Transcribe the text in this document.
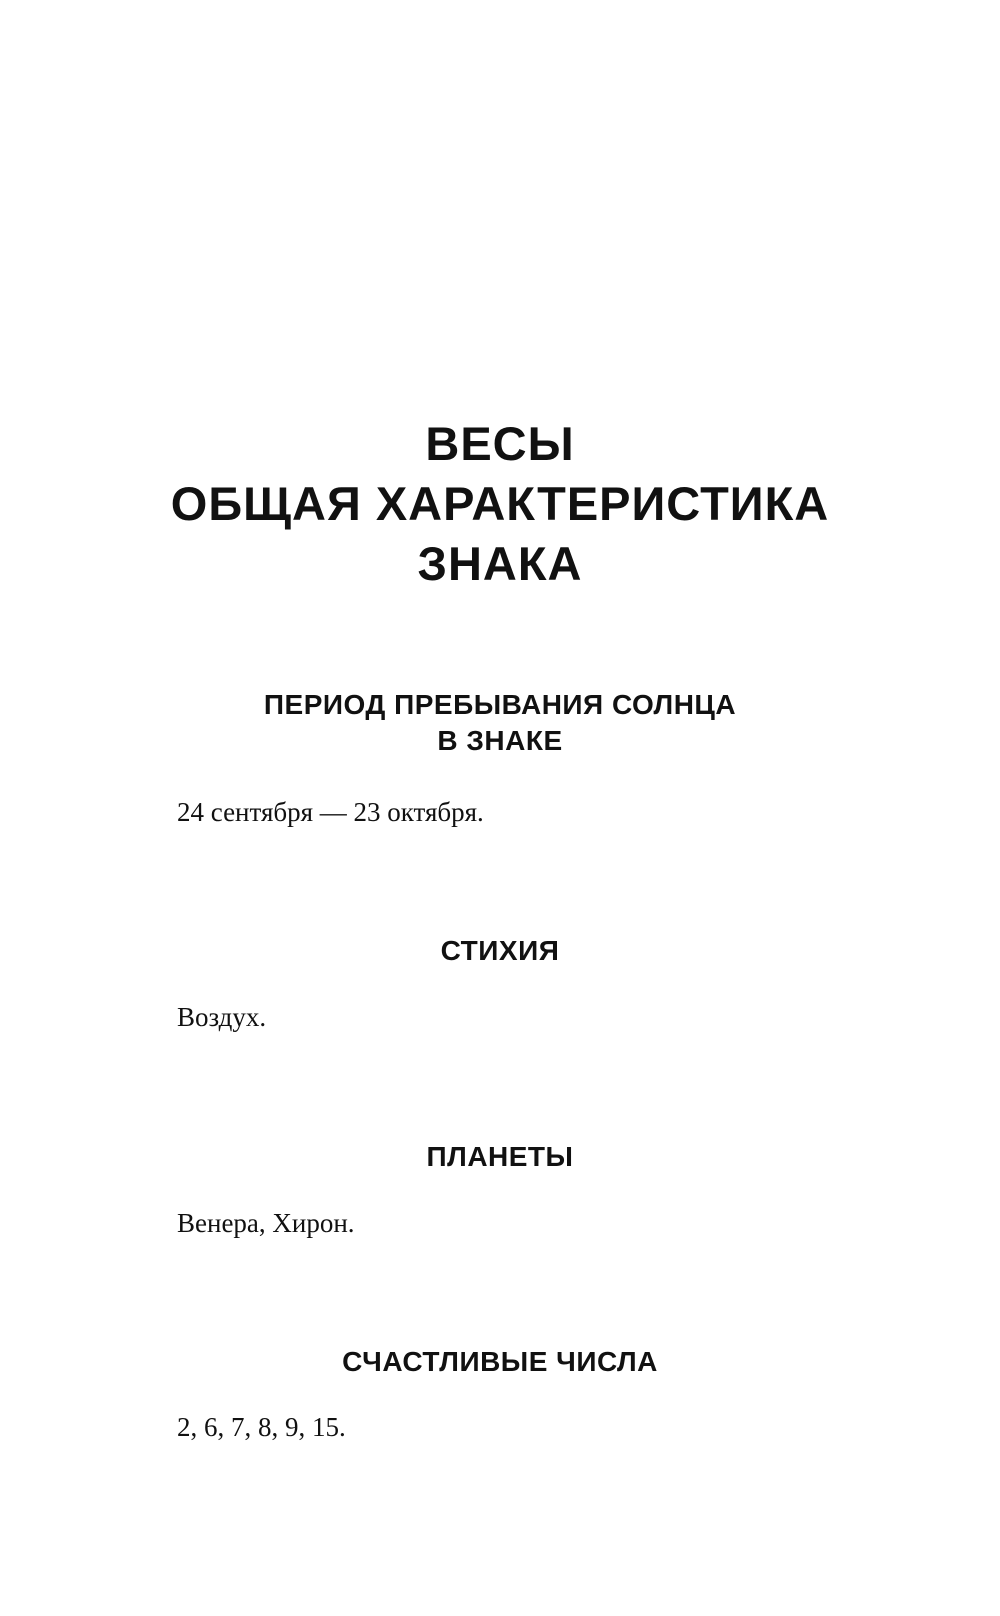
ВЕСЫ
ОБЩАЯ ХАРАКТЕРИСТИКА
ЗНАКА
ПЕРИОД ПРЕБЫВАНИЯ СОЛНЦА
В ЗНАКЕ

24 сентября — 23 октября.

СТИХИЯ

Воздух.

ПЛАНЕТЫ

Венера, Хирон.

СЧАСТЛИВЫЕ ЧИСЛА

2, 6, 7, 8, 9, 15.
